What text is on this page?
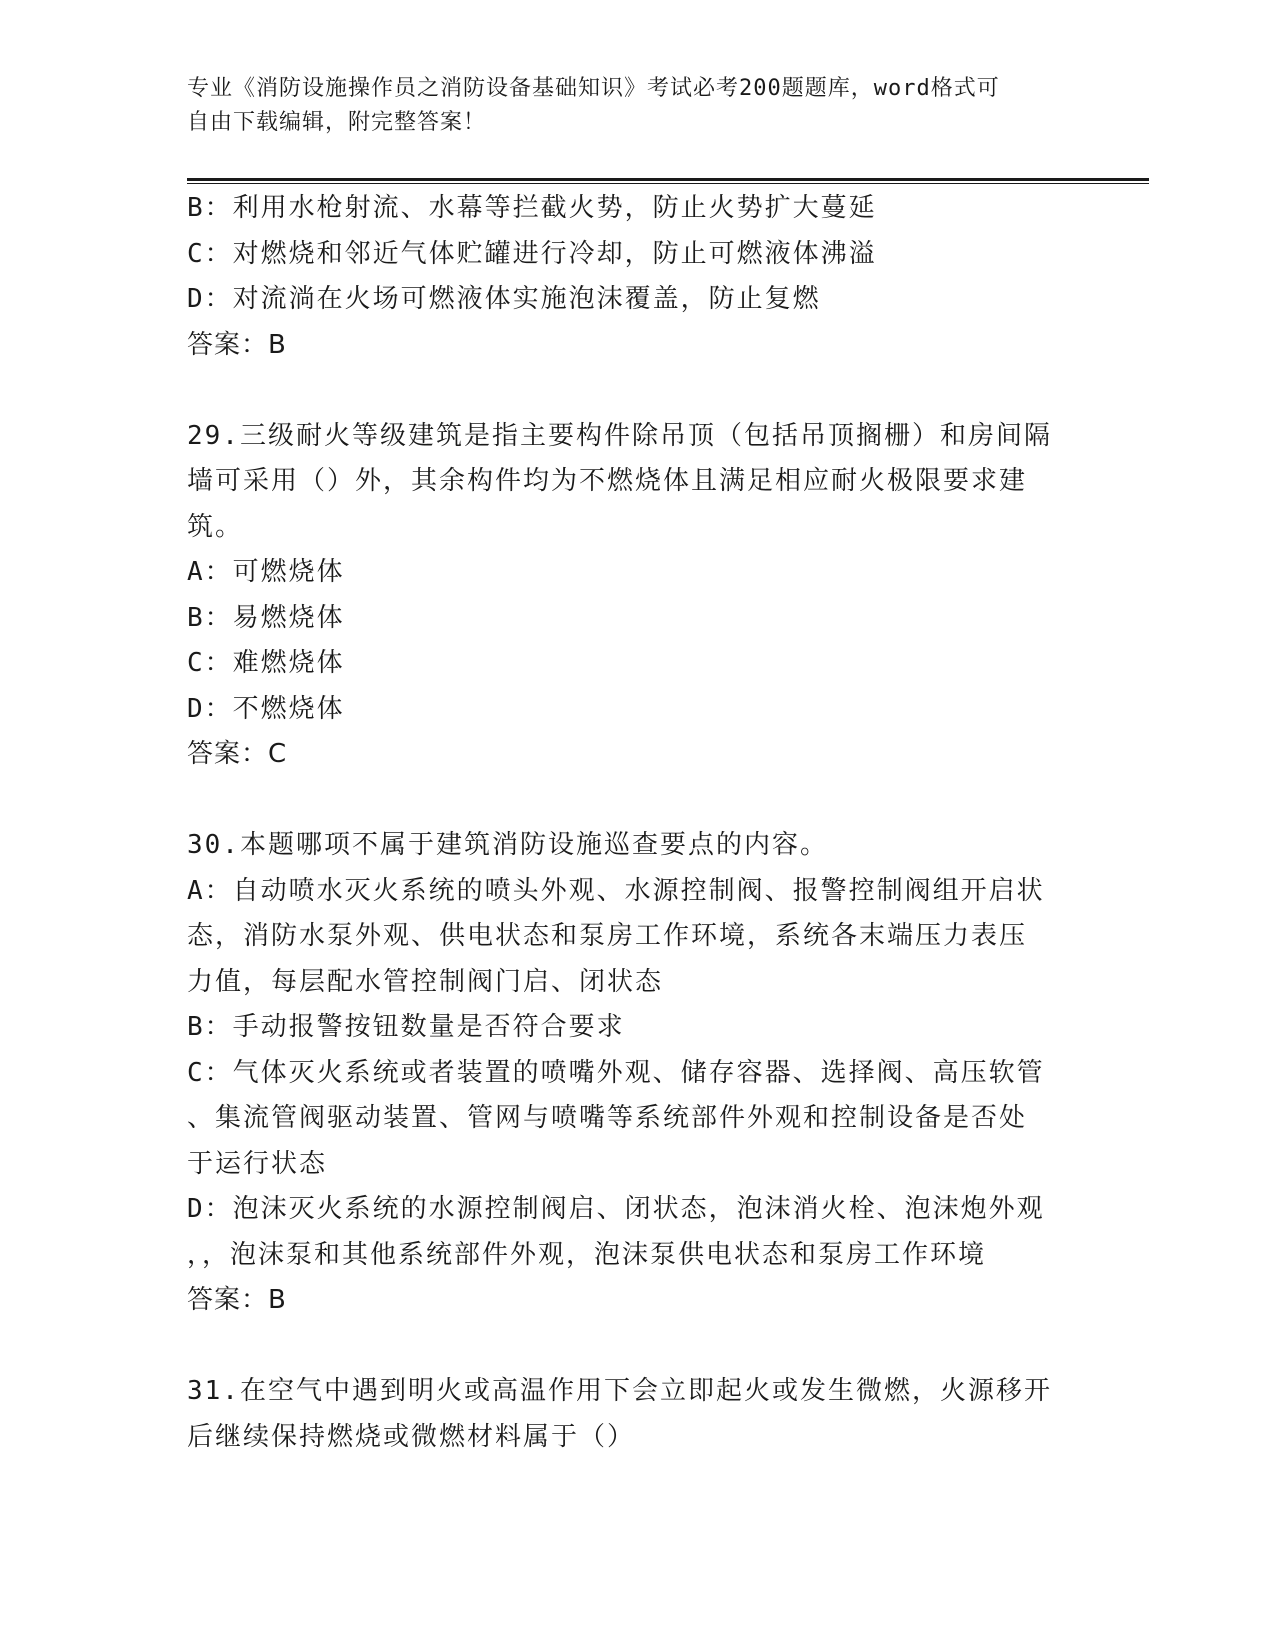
专业《消防设施操作员之消防设备基础知识》考试必考200题题库，word格式可
自由下载编辑，附完整答案！
B：利用水枪射流、水幕等拦截火势，防止火势扩大蔓延
C：对燃烧和邻近气体贮罐进行冷却，防止可燃液体沸溢
D：对流淌在火场可燃液体实施泡沫覆盖，防止复燃
答案：B
29.三级耐火等级建筑是指主要构件除吊顶（包括吊顶搁栅）和房间隔
墙可采用（）外，其余构件均为不燃烧体且满足相应耐火极限要求建
筑。
A：可燃烧体
B：易燃烧体
C：难燃烧体
D：不燃烧体
答案：C
30.本题哪项不属于建筑消防设施巡查要点的内容。
A：自动喷水灭火系统的喷头外观、水源控制阀、报警控制阀组开启状
态，消防水泵外观、供电状态和泵房工作环境，系统各末端压力表压
力值，每层配水管控制阀门启、闭状态
B：手动报警按钮数量是否符合要求
C：气体灭火系统或者装置的喷嘴外观、储存容器、选择阀、高压软管
、集流管阀驱动装置、管网与喷嘴等系统部件外观和控制设备是否处
于运行状态
D：泡沫灭火系统的水源控制阀启、闭状态，泡沫消火栓、泡沫炮外观
，，泡沫泵和其他系统部件外观，泡沫泵供电状态和泵房工作环境
答案：B
31.在空气中遇到明火或高温作用下会立即起火或发生微燃，火源移开
后继续保持燃烧或微燃材料属于（）
